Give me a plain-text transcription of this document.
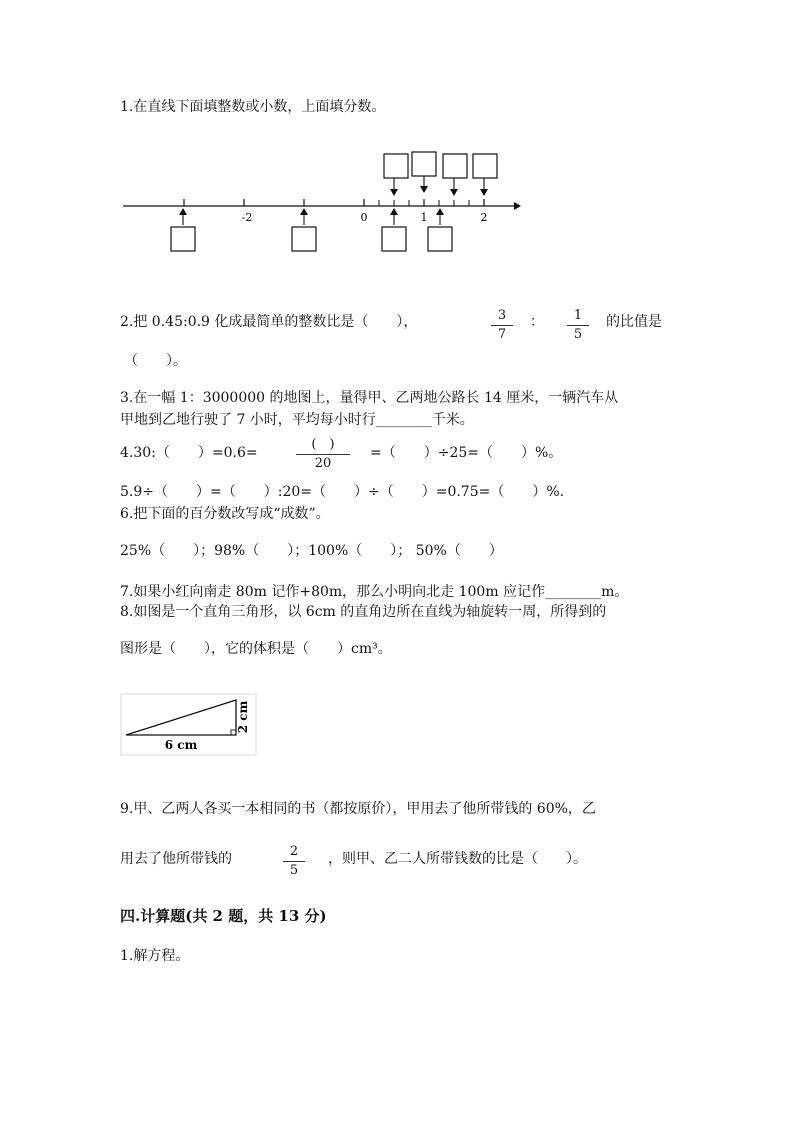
1.在直线下面填整数或小数，上面填分数。
-2	0	1	2
2.把 0.45:0.9 化成最简单的整数比是（　　），	3
7
：	1
5
的比值是
（　　）。
3.在一幅 1：3000000 的地图上，量得甲、乙两地公路长 14 厘米，一辆汽车从
甲地到乙地行驶了 7 小时，平均每小时行________千米。
4.30:（　　）=0.6=
(　)
20
=（　　）÷25=（　　）%。
5.9÷（　　）=（　　）:20=（　　）÷（　　）=0.75=（　　）%.
6.把下面的百分数改写成“成数”。
25%（　　）；98%（　　）；100%（　　）； 50%（　　）
7.如果小红向南走 80m 记作+80m，那么小明向北走 100m 应记作________m。
8.如图是一个直角三角形，以 6cm 的直角边所在直线为轴旋转一周，所得到的
图形是（　　），它的体积是（　　）cm³。
6 cm
2 cm
9.甲、乙两人各买一本相同的书（都按原价），甲用去了他所带钱的 60%，乙
用去了他所带钱的	2
5
，则甲、乙二人所带钱数的比是（　　）。
四.计算题(共 2 题，共 13 分)
1.解方程。
